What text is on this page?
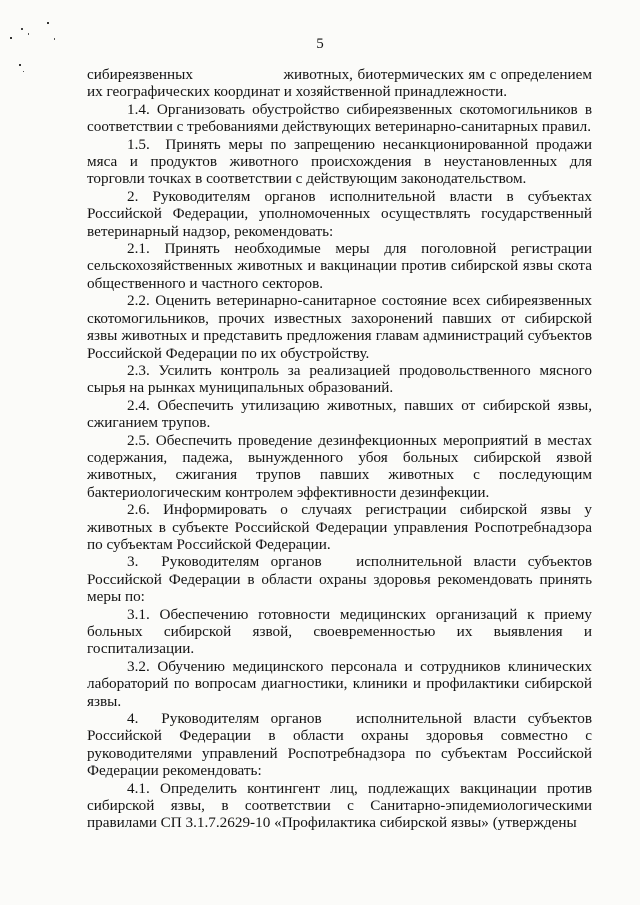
5
сибиреязвенных                    животных, биотермических ям с определением их географических координат и хозяйственной принадлежности.
1.4. Организовать обустройство сибиреязвенных скотомогильников в соответствии с требованиями действующих ветеринарно-санитарных правил.
1.5.  Принять меры по запрещению несанкционированной продажи мяса и продуктов животного происхождения в неустановленных для торговли точках в соответствии с действующим законодательством.
2. Руководителям органов исполнительной власти в субъектах Российской Федерации, уполномоченных осуществлять государственный ветеринарный надзор, рекомендовать:
2.1. Принять необходимые меры для поголовной регистрации сельскохозяйственных животных и вакцинации против сибирской язвы скота общественного и частного секторов.
2.2. Оценить ветеринарно-санитарное состояние всех сибиреязвенных скотомогильников, прочих известных захоронений павших от сибирской язвы животных и представить предложения главам администраций субъектов Российской Федерации по их обустройству.
2.3. Усилить контроль за реализацией продовольственного мясного сырья на рынках муниципальных образований.
2.4. Обеспечить утилизацию животных, павших от сибирской язвы, сжиганием трупов.
2.5. Обеспечить проведение дезинфекционных мероприятий в местах содержания, падежа, вынужденного убоя больных сибирской язвой животных, сжигания трупов павших животных с последующим бактериологическим контролем эффективности дезинфекции.
2.6. Информировать о случаях регистрации сибирской язвы у животных в субъекте Российской Федерации управления Роспотребнадзора по субъектам Российской Федерации.
3.  Руководителям органов   исполнительной власти субъектов Российской Федерации в области охраны здоровья рекомендовать принять меры по:
3.1. Обеспечению готовности медицинских организаций к приему больных сибирской язвой, своевременностью их выявления и госпитализации.
3.2. Обучению медицинского персонала и сотрудников клинических лабораторий по вопросам диагностики, клиники и профилактики сибирской язвы.
4.  Руководителям органов   исполнительной власти субъектов Российской Федерации в области охраны здоровья совместно с руководителями управлений Роспотребнадзора по субъектам Российской Федерации рекомендовать:
4.1. Определить контингент лиц, подлежащих вакцинации против сибирской язвы, в соответствии с Санитарно-эпидемиологическими правилами СП 3.1.7.2629-10 «Профилактика сибирской язвы» (утверждены
